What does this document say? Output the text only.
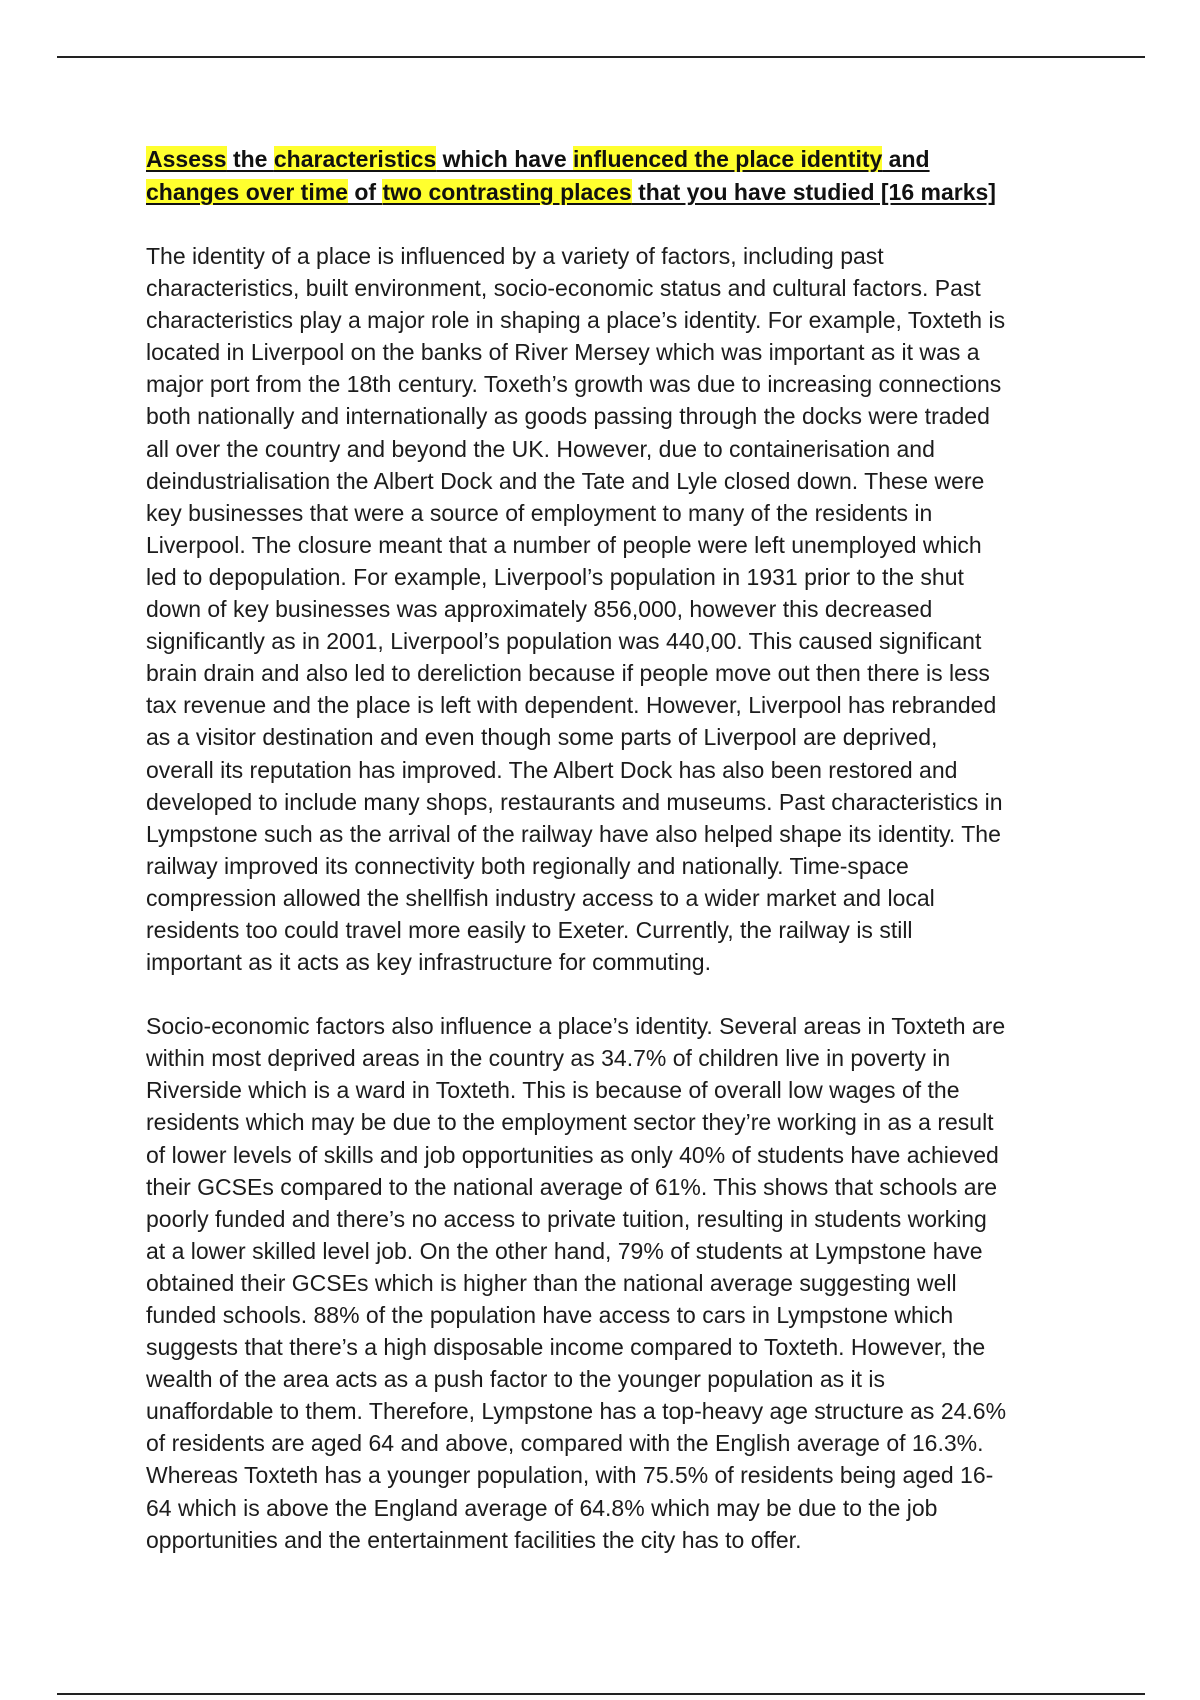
Assess the characteristics which have influenced the place identity and
changes over time of two contrasting places that you have studied [16 marks]

The identity of a place is influenced by a variety of factors, including past
characteristics, built environment, socio-economic status and cultural factors. Past
characteristics play a major role in shaping a place’s identity. For example, Toxteth is
located in Liverpool on the banks of River Mersey which was important as it was a
major port from the 18th century. Toxeth’s growth was due to increasing connections
both nationally and internationally as goods passing through the docks were traded
all over the country and beyond the UK. However, due to containerisation and
deindustrialisation the Albert Dock and the Tate and Lyle closed down. These were
key businesses that were a source of employment to many of the residents in
Liverpool. The closure meant that a number of people were left unemployed which
led to depopulation. For example, Liverpool’s population in 1931 prior to the shut
down of key businesses was approximately 856,000, however this decreased
significantly as in 2001, Liverpool’s population was 440,00. This caused significant
brain drain and also led to dereliction because if people move out then there is less
tax revenue and the place is left with dependent. However, Liverpool has rebranded
as a visitor destination and even though some parts of Liverpool are deprived,
overall its reputation has improved. The Albert Dock has also been restored and
developed to include many shops, restaurants and museums. Past characteristics in
Lympstone such as the arrival of the railway have also helped shape its identity. The
railway improved its connectivity both regionally and nationally. Time-space
compression allowed the shellfish industry access to a wider market and local
residents too could travel more easily to Exeter. Currently, the railway is still
important as it acts as key infrastructure for commuting.

Socio-economic factors also influence a place’s identity. Several areas in Toxteth are
within most deprived areas in the country as 34.7% of children live in poverty in
Riverside which is a ward in Toxteth. This is because of overall low wages of the
residents which may be due to the employment sector they’re working in as a result
of lower levels of skills and job opportunities as only 40% of students have achieved
their GCSEs compared to the national average of 61%. This shows that schools are
poorly funded and there’s no access to private tuition, resulting in students working
at a lower skilled level job. On the other hand, 79% of students at Lympstone have
obtained their GCSEs which is higher than the national average suggesting well
funded schools. 88% of the population have access to cars in Lympstone which
suggests that there’s a high disposable income compared to Toxteth. However, the
wealth of the area acts as a push factor to the younger population as it is
unaffordable to them. Therefore, Lympstone has a top-heavy age structure as 24.6%
of residents are aged 64 and above, compared with the English average of 16.3%.
Whereas Toxteth has a younger population, with 75.5% of residents being aged 16-
64 which is above the England average of 64.8% which may be due to the job
opportunities and the entertainment facilities the city has to offer.
